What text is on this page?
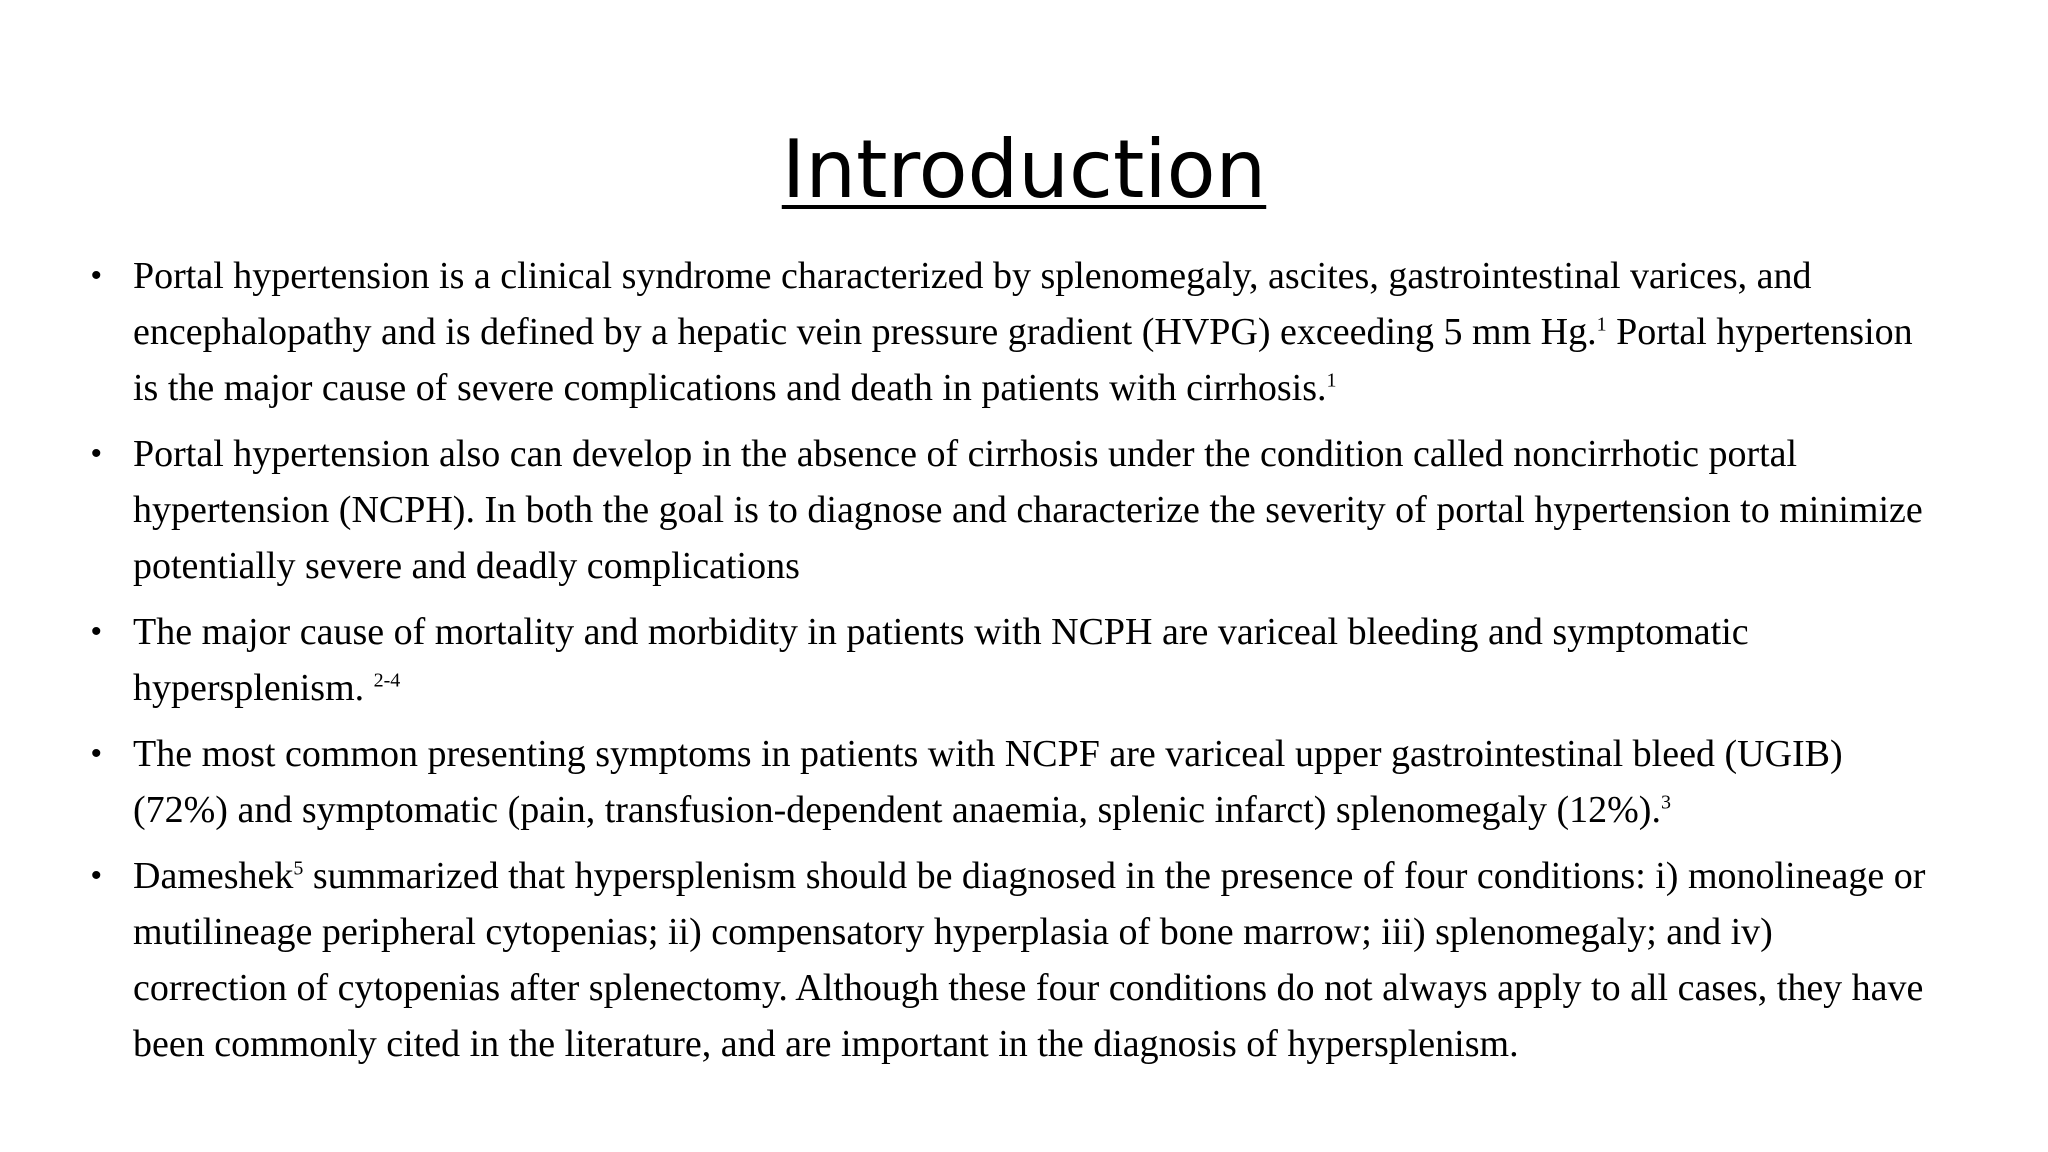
Introduction
• Portal hypertension is a clinical syndrome characterized by splenomegaly, ascites, gastrointestinal varices, and encephalopathy and is defined by a hepatic vein pressure gradient (HVPG) exceeding 5 mm Hg.$^1$ Portal hypertension is the major cause of severe complications and death in patients with cirrhosis.$^1$
• Portal hypertension also can develop in the absence of cirrhosis under the condition called noncirrhotic portal hypertension (NCPH). In both the goal is to diagnose and characterize the severity of portal hypertension to minimize potentially severe and deadly complications
• The major cause of mortality and morbidity in patients with NCPH are variceal bleeding and symptomatic hypersplenism. $^{2-4}$
• The most common presenting symptoms in patients with NCPF are variceal upper gastrointestinal bleed (UGIB) (72%) and symptomatic (pain, transfusion-dependent anaemia, splenic infarct) splenomegaly (12%).$^3$
• Dameshek$^5$ summarized that hypersplenism should be diagnosed in the presence of four conditions: i) monolineage or mutilineage peripheral cytopenias; ii) compensatory hyperplasia of bone marrow; iii) splenomegaly; and iv) correction of cytopenias after splenectomy. Although these four conditions do not always apply to all cases, they have been commonly cited in the literature, and are important in the diagnosis of hypersplenism.
